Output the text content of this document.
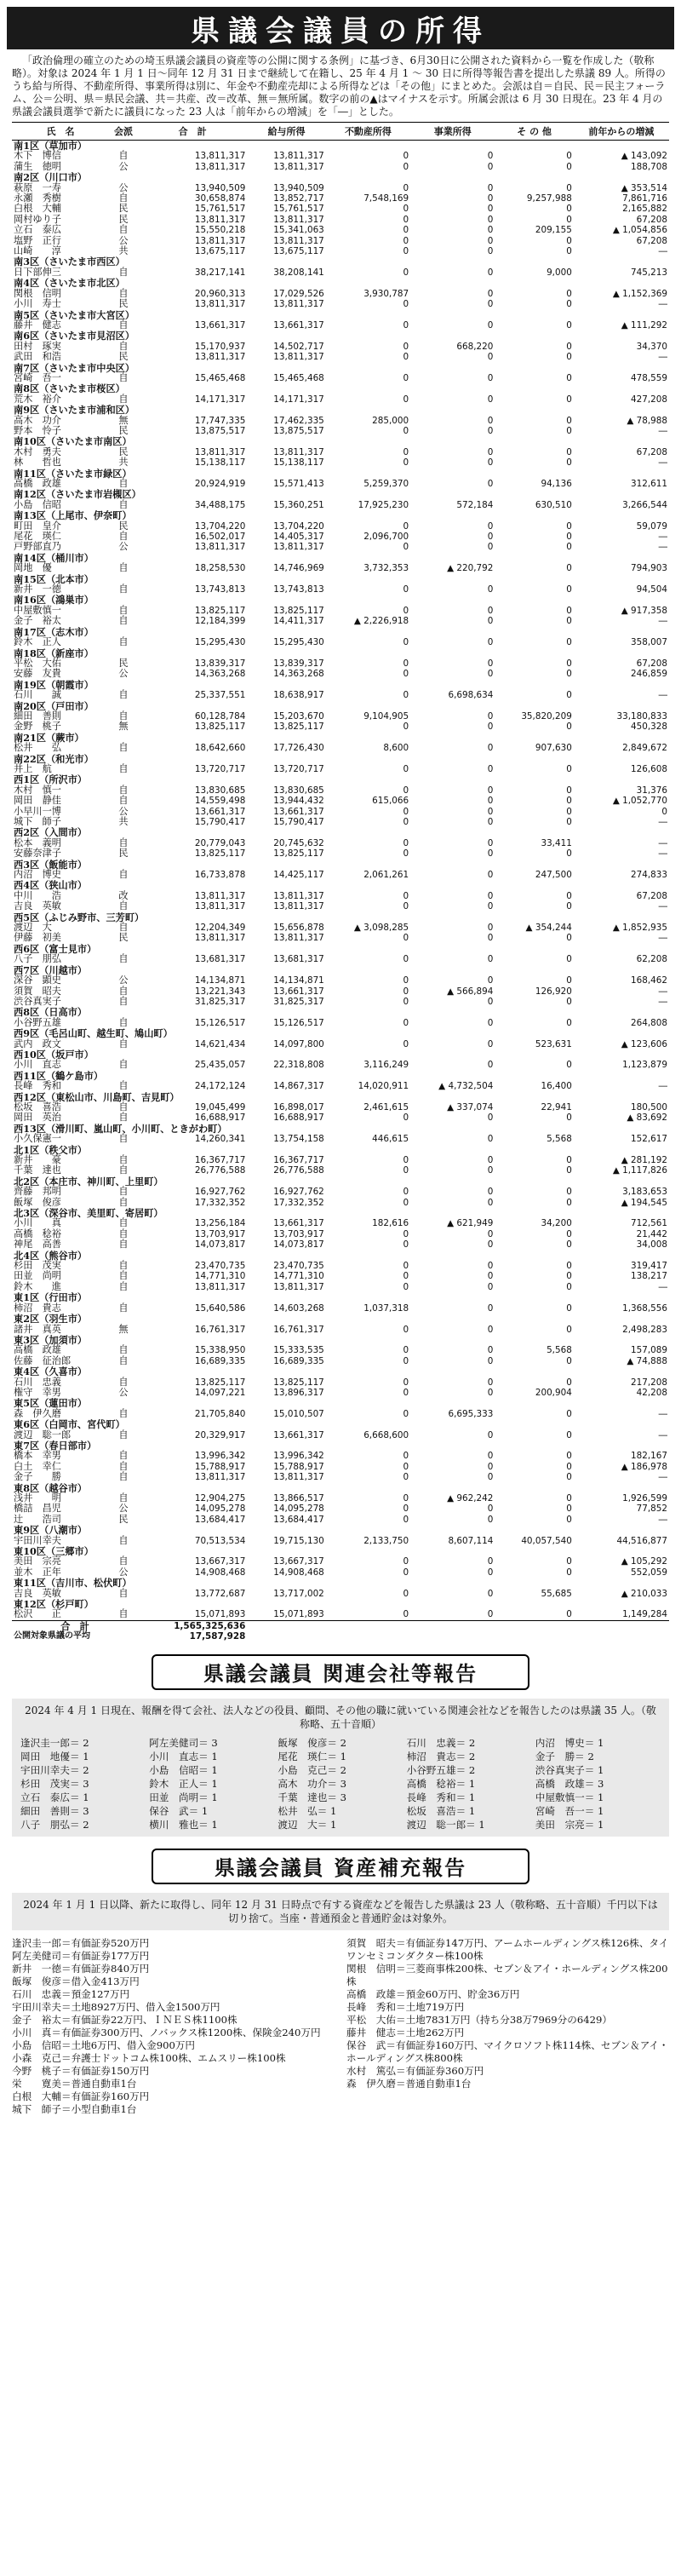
県議会議員の所得
「政治倫理の確立のための埼玉県議会議員の資産等の公開に関する条例」に基づき、6月30日に公開された資料から一覧を作成した（敬称略）。対象は 2024 年 1 月 1 日～同年 12 月 31 日まで継続して在籍し、25 年 4 月 1 ～ 30 日に所得等報告書を提出した県議 89 人。所得のうち給与所得、不動産所得、事業所得は別に、年金や不動産売却による所得などは「その他」にまとめた。会派は自＝自民、民＝民主フォーラム、公＝公明、県＝県民会議、共＝共産、改＝改革、無＝無所属。数字の前の▲はマイナスを示す。所属会派は 6 月 30 日現在。23 年 4 月の県議会議員選挙で新たに議員になった 23 人は「前年からの増減」を「―」とした。
氏　名	会派	合　計	給与所得	不動産所得	事業所得	そ の 他	前年からの増減
南1区（草加市）							
木下　博信	自	13,811,317	13,811,317	0	0	0	▲ 143,092
蒲生　徳明	公	13,811,317	13,811,317	0	0	0	188,708
南2区（川口市）							
萩原　一寿	公	13,940,509	13,940,509	0	0	0	▲ 353,514
永瀬　秀樹	自	30,658,874	13,852,717	7,548,169	0	9,257,988	7,861,716
白根　大輔	民	15,761,517	15,761,517	0	0	0	2,165,882
岡村ゆり子	民	13,811,317	13,811,317	0	0	0	67,208
立石　泰広	自	15,550,218	15,341,063	0	0	209,155	▲ 1,054,856
塩野　正行	公	13,811,317	13,811,317	0	0	0	67,208
山崎　　淳	共	13,675,117	13,675,117	0	0	0	―
南3区（さいたま市西区）							
日下部伸三	自	38,217,141	38,208,141	0	0	9,000	745,213
南4区（さいたま市北区）							
関根　信明	自	20,960,313	17,029,526	3,930,787	0	0	▲ 1,152,369
小川　寿士	民	13,811,317	13,811,317	0	0	0	―
南5区（さいたま市大宮区）							
藤井　健志	自	13,661,317	13,661,317	0	0	0	▲ 111,292
南6区（さいたま市見沼区）							
田村　琢実	自	15,170,937	14,502,717	0	668,220	0	34,370
武田　和浩	民	13,811,317	13,811,317	0	0	0	―
南7区（さいたま市中央区）							
宮崎　吾一	自	15,465,468	15,465,468	0	0	0	478,559
南8区（さいたま市桜区）							
荒木　裕介	自	14,171,317	14,171,317	0	0	0	427,208
南9区（さいたま市浦和区）							
高木　功介	無	17,747,335	17,462,335	285,000	0	0	▲ 78,988
野本　怜子	民	13,875,517	13,875,517	0	0	0	―
南10区（さいたま市南区）							
木村　勇夫	民	13,811,317	13,811,317	0	0	0	67,208
林　　哲也	共	15,138,117	15,138,117	0	0	0	―
南11区（さいたま市緑区）							
高橋　政雄	自	20,924,919	15,571,413	5,259,370	0	94,136	312,611
南12区（さいたま市岩槻区）							
小島　信昭	自	34,488,175	15,360,251	17,925,230	572,184	630,510	3,266,544
南13区（上尾市、伊奈町）							
町田　皇介	民	13,704,220	13,704,220	0	0	0	59,079
尾花　瑛仁	自	16,502,017	14,405,317	2,096,700	0	0	―
戸野部直乃	公	13,811,317	13,811,317	0	0	0	―
南14区（桶川市）							
岡地　優	自	18,258,530	14,746,969	3,732,353	▲ 220,792	0	794,903
南15区（北本市）							
新井　一徳	自	13,743,813	13,743,813	0	0	0	94,504
南16区（鴻巣市）							
中屋敷慎一	自	13,825,117	13,825,117	0	0	0	▲ 917,358
金子　裕太	自	12,184,399	14,411,317	▲ 2,226,918	0	0	―
南17区（志木市）							
鈴木　正人	自	15,295,430	15,295,430	0	0	0	358,007
南18区（新座市）							
平松　大佑	民	13,839,317	13,839,317	0	0	0	67,208
安藤　友貴	公	14,363,268	14,363,268	0	0	0	246,859
南19区（朝霞市）							
石川　　誠	自	25,337,551	18,638,917	0	6,698,634	0	―
南20区（戸田市）							
細田　善則	自	60,128,784	15,203,670	9,104,905	0	35,820,209	33,180,833
金野　桃子	無	13,825,117	13,825,117	0	0	0	450,328
南21区（蕨市）							
松井　　弘	自	18,642,660	17,726,430	8,600	0	907,630	2,849,672
南22区（和光市）							
井上　航	自	13,720,717	13,720,717	0	0	0	126,608
西1区（所沢市）							
木村　慎一	自	13,830,685	13,830,685	0	0	0	31,376
岡田　静佳	自	14,559,498	13,944,432	615,066	0	0	▲ 1,052,770
小早川一博	公	13,661,317	13,661,317	0	0	0	0
城下　師子	共	15,790,417	15,790,417	0	0	0	―
西2区（入間市）							
松本　義明	自	20,779,043	20,745,632	0	0	33,411	―
安藤奈津子	民	13,825,117	13,825,117	0	0	0	―
西3区（飯能市）							
内沼　博史	自	16,733,878	14,425,117	2,061,261	0	247,500	274,833
西4区（狭山市）							
中川　　浩	改	13,811,317	13,811,317	0	0	0	67,208
吉良　英敏	自	13,811,317	13,811,317	0	0	0	―
西5区（ふじみ野市、三芳町）							
渡辺　大	自	12,204,349	15,656,878	▲ 3,098,285	0	▲ 354,244	▲ 1,852,935
伊藤　初美	民	13,811,317	13,811,317	0	0	0	―
西6区（富士見市）							
八子　朋弘	自	13,681,317	13,681,317	0	0	0	62,208
西7区（川越市）							
深谷　顕史	公	14,134,871	14,134,871	0	0	0	168,462
須賀　昭夫	自	13,221,343	13,661,317	0	▲ 566,894	126,920	―
渋谷真実子	自	31,825,317	31,825,317	0	0	0	―
西8区（日高市）							
小谷野五雄	自	15,126,517	15,126,517	0	0	0	264,808
西9区（毛呂山町、越生町、鳩山町）							
武内　政文	自	14,621,434	14,097,800	0	0	523,631	▲ 123,606
西10区（坂戸市）							
小川　直志	自	25,435,057	22,318,808	3,116,249	0	0	1,123,879
西11区（鶴ケ島市）							
長峰　秀和	自	24,172,124	14,867,317	14,020,911	▲ 4,732,504	16,400	―
西12区（東松山市、川島町、吉見町）							
松坂　喜浩	自	19,045,499	16,898,017	2,461,615	▲ 337,074	22,941	180,500
岡田　英治	自	16,688,917	16,688,917	0	0	0	▲ 83,692
西13区（滑川町、嵐山町、小川町、ときがわ町）							
小久保憲一	自	14,260,341	13,754,158	446,615	0	5,568	152,617
北1区（秩父市）							
新井　　豪	自	16,367,717	16,367,717	0	0	0	▲ 281,192
千葉　達也	自	26,776,588	26,776,588	0	0	0	▲ 1,117,826
北2区（本庄市、神川町、上里町）							
齊藤　邦明	自	16,927,762	16,927,762	0	0	0	3,183,653
飯塚　俊彦	自	17,332,352	17,332,352	0	0	0	▲ 194,545
北3区（深谷市、美里町、寄居町）							
小川　　真	自	13,256,184	13,661,317	182,616	▲ 621,949	34,200	712,561
高橋　稔裕	自	13,703,917	13,703,917	0	0	0	21,442
神尾　高善	自	14,073,817	14,073,817	0	0	0	34,008
北4区（熊谷市）							
杉田　茂実	自	23,470,735	23,470,735	0	0	0	319,417
田並　尚明	自	14,771,310	14,771,310	0	0	0	138,217
鈴木　　進	自	13,811,317	13,811,317	0	0	0	―
東1区（行田市）							
柿沼　貴志	自	15,640,586	14,603,268	1,037,318	0	0	1,368,556
東2区（羽生市）							
諸井　真英	無	16,761,317	16,761,317	0	0	0	2,498,283
東3区（加須市）							
高橋　政雄	自	15,338,950	15,333,535	0	0	5,568	157,089
佐藤　征治郎	自	16,689,335	16,689,335	0	0	0	▲ 74,888
東4区（久喜市）							
石川　忠義	自	13,825,117	13,825,117	0	0	0	217,208
権守　幸男	公	14,097,221	13,896,317	0	0	200,904	42,208
東5区（蓮田市）							
森　伊久磨	自	21,705,840	15,010,507	0	6,695,333	0	―
東6区（白岡市、宮代町）							
渡辺　聡一郎	自	20,329,917	13,661,317	6,668,600	0	0	―
東7区（春日部市）							
橋本　幸男	自	13,996,342	13,996,342	0	0	0	182,167
白土　幸仁	自	15,788,917	15,788,917	0	0	0	▲ 186,978
金子　　勝	自	13,811,317	13,811,317	0	0	0	―
東8区（越谷市）							
浅井　　明	自	12,904,275	13,866,517	0	▲ 962,242	0	1,926,599
橋詰　昌児	公	14,095,278	14,095,278	0	0	0	77,852
辻　　浩司	民	13,684,417	13,684,417	0	0	0	―
東9区（八潮市）							
宇田川幸夫	自	70,513,534	19,715,130	2,133,750	8,607,114	40,057,540	44,516,877
東10区（三郷市）							
美田　宗亮	自	13,667,317	13,667,317	0	0	0	▲ 105,292
並木　正年	公	14,908,468	14,908,468	0	0	0	552,059
東11区（吉川市、松伏町）							
吉良　英敏	自	13,772,687	13,717,002	0	0	55,685	▲ 210,033
東12区（杉戸町）							
松沢　　正	自	15,071,893	15,071,893	0	0	0	1,149,284
合　計		1,565,325,636					
公開対象県議の平均		17,587,928					
県議会議員 関連会社等報告
2024 年 4 月 1 日現在、報酬を得て会社、法人などの役員、顧問、その他の職に就いている関連会社などを報告したのは県議 35 人。（敬称略、五十音順）
逢沢圭一郎＝ 2	阿左美健司＝ 3	飯塚　俊彦＝ 2	石川　忠義＝ 2	内沼　博史＝ 1
岡田　地優＝ 1	小川　直志＝ 1	尾花　瑛仁＝ 1	柿沼　貴志＝ 2	金子　勝＝ 2
宇田川幸夫＝ 2	小島　信昭＝ 1	小島　克己＝ 2	小谷野五雄＝ 2	渋谷真実子＝ 1
杉田　茂実＝ 3	鈴木　正人＝ 1	高木　功介＝ 3	高橋　稔裕＝ 1	高橋　政雄＝ 3
立石　泰広＝ 1	田並　尚明＝ 1	千葉　達也＝ 3	長峰　秀和＝ 1	中屋敷慎一＝ 1
細田　善則＝ 3	保谷　武＝ 1	松井　弘＝ 1	松坂　喜浩＝ 1	宮崎　吾一＝ 1
八子　朋弘＝ 2	横川　雅也＝ 1	渡辺　大＝ 1	渡辺　聡一郎＝ 1	美田　宗亮＝ 1
県議会議員 資産補充報告
2024 年 1 月 1 日以降、新たに取得し、同年 12 月 31 日時点で有する資産などを報告した県議は 23 人（敬称略、五十音順）千円以下は切り捨て。当座・普通預金と普通貯金は対象外。
逢沢圭一郎＝有価証券520万円
阿左美健司＝有価証券177万円
新井　一徳＝有価証券840万円
飯塚　俊彦＝借入金413万円
石川　忠義＝預金127万円
宇田川幸夫＝土地8927万円、借入金1500万円
金子　裕太＝有価証券22万円、ＩＮＥＳ株1100株
小川　真＝有価証券300万円、ノバックス株1200株、保険金240万円
小島　信昭＝土地6万円、借入金900万円
小森　克己＝弁護士ドットコム株100株、エムスリー株100株
今野　桃子＝有価証券150万円
栄　　寛美＝普通自動車1台
白根　大輔＝有価証券160万円
城下　師子＝小型自動車1台
須賀　昭夫＝有価証券147万円、アームホールディングス株126株、タイワンセミコンダクター株100株
関根　信明＝三菱商事株200株、セブン＆アイ・ホールディングス株200株
高橋　政雄＝預金60万円、貯金36万円
長峰　秀和＝土地719万円
平松　大佑＝土地7831万円（持ち分38万7969分の6429）
藤井　健志＝土地262万円
保谷　武＝有価証券160万円、マイクロソフト株114株、セブン＆アイ・ホールディングス株800株
水村　篤弘＝有価証券360万円
森　伊久磨＝普通自動車1台
